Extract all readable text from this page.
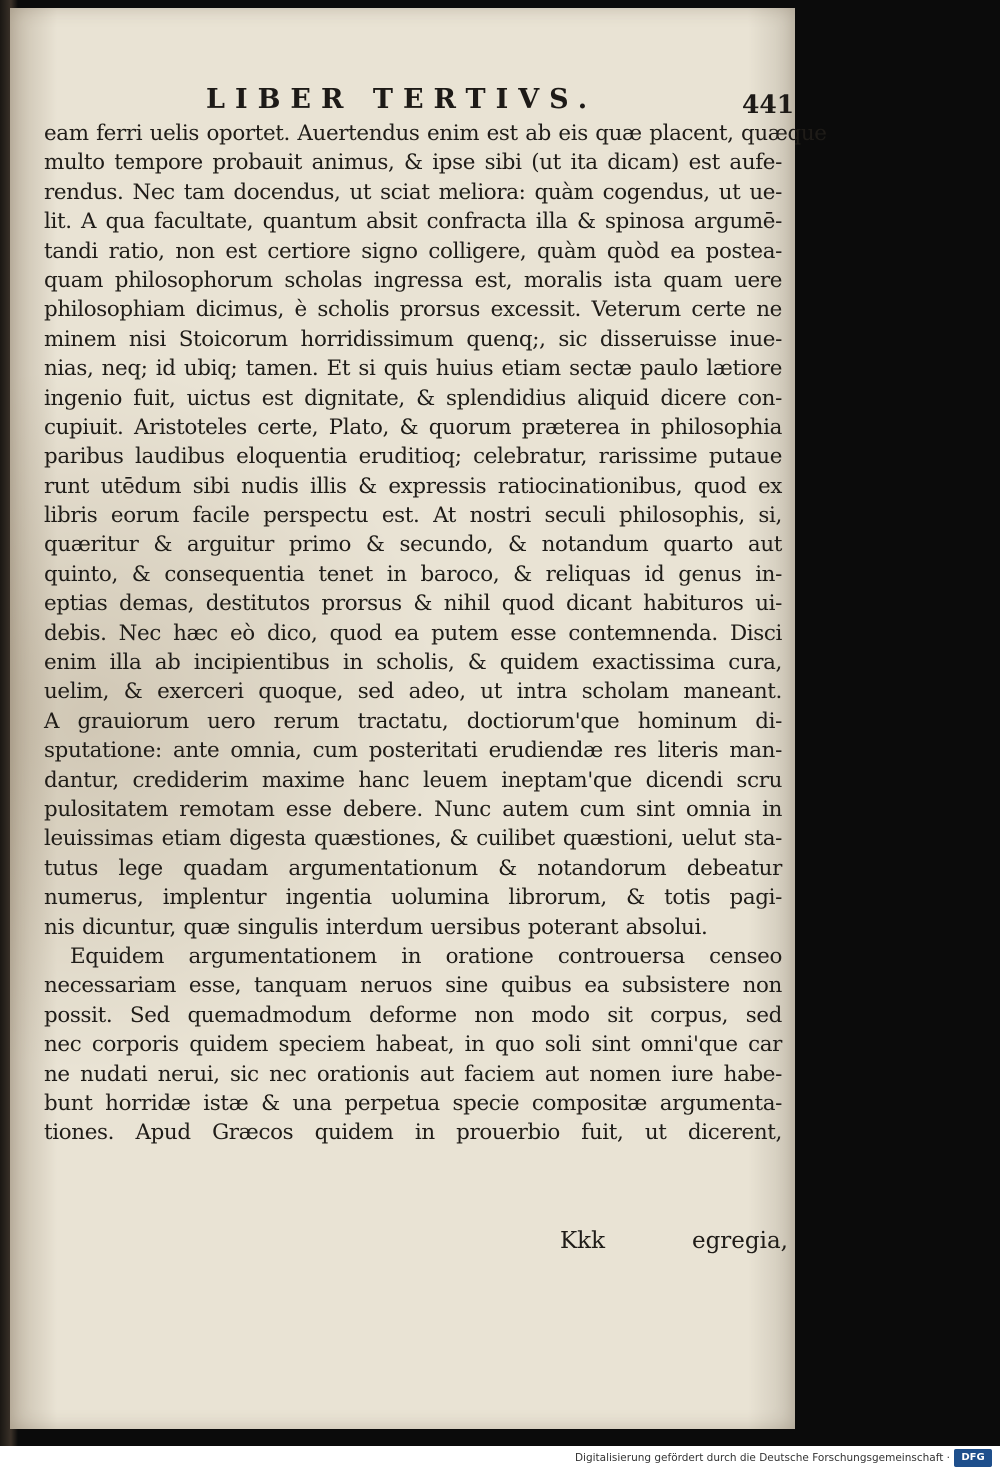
LIBER TERTIVS.	441
eam ferri uelis oportet. Auertendus enim est ab eis quæ placent, quæque
multo tempore probauit animus, & ipse sibi (ut ita dicam) est aufe-
rendus. Nec tam docendus, ut sciat meliora: quàm cogendus, ut ue-
lit. A qua facultate, quantum absit confracta illa & spinosa argumē-
tandi ratio, non est certiore signo colligere, quàm quòd ea postea-
quam philosophorum scholas ingressa est, moralis ista quam uere
philosophiam dicimus, è scholis prorsus excessit. Veterum certe ne
minem nisi Stoicorum horridissimum quenq;, sic disseruisse inue-
nias, neq; id ubiq; tamen. Et si quis huius etiam sectæ paulo lætiore
ingenio fuit, uictus est dignitate, & splendidius aliquid dicere con-
cupiuit. Aristoteles certe, Plato, & quorum præterea in philosophia
paribus laudibus eloquentia eruditioq; celebratur, rarissime putaue
runt utēdum sibi nudis illis & expressis ratiocinationibus, quod ex
libris eorum facile perspectu est. At nostri seculi philosophis, si,
quæritur & arguitur primo & secundo, & notandum quarto aut
quinto, & consequentia tenet in baroco, & reliquas id genus in-
eptias demas, destitutos prorsus & nihil quod dicant habituros ui-
debis. Nec hæc eò dico, quod ea putem esse contemnenda. Disci
enim illa ab incipientibus in scholis, & quidem exactissima cura,
uelim, & exerceri quoque, sed adeo, ut intra scholam maneant.
A grauiorum uero rerum tractatu, doctiorum'que hominum di-
sputatione: ante omnia, cum posteritati erudiendæ res literis man-
dantur, crediderim maxime hanc leuem ineptam'que dicendi scru
pulositatem remotam esse debere. Nunc autem cum sint omnia in
leuissimas etiam digesta quæstiones, & cuilibet quæstioni, uelut sta-
tutus lege quadam argumentationum & notandorum debeatur
numerus, implentur ingentia uolumina librorum, & totis pagi-
nis dicuntur, quæ singulis interdum uersibus poterant absolui.
Equidem argumentationem in oratione controuersa censeo
necessariam esse, tanquam neruos sine quibus ea subsistere non
possit. Sed quemadmodum deforme non modo sit corpus, sed
nec corporis quidem speciem habeat, in quo soli sint omni'que car
ne nudati nerui, sic nec orationis aut faciem aut nomen iure habe-
bunt horridæ istæ & una perpetua specie compositæ argumenta-
tiones. Apud Græcos quidem in prouerbio fuit, ut dicerent,
Kkk	egregia,
Digitalisierung gefördert durch die Deutsche Forschungsgemeinschaft ·	DFG
